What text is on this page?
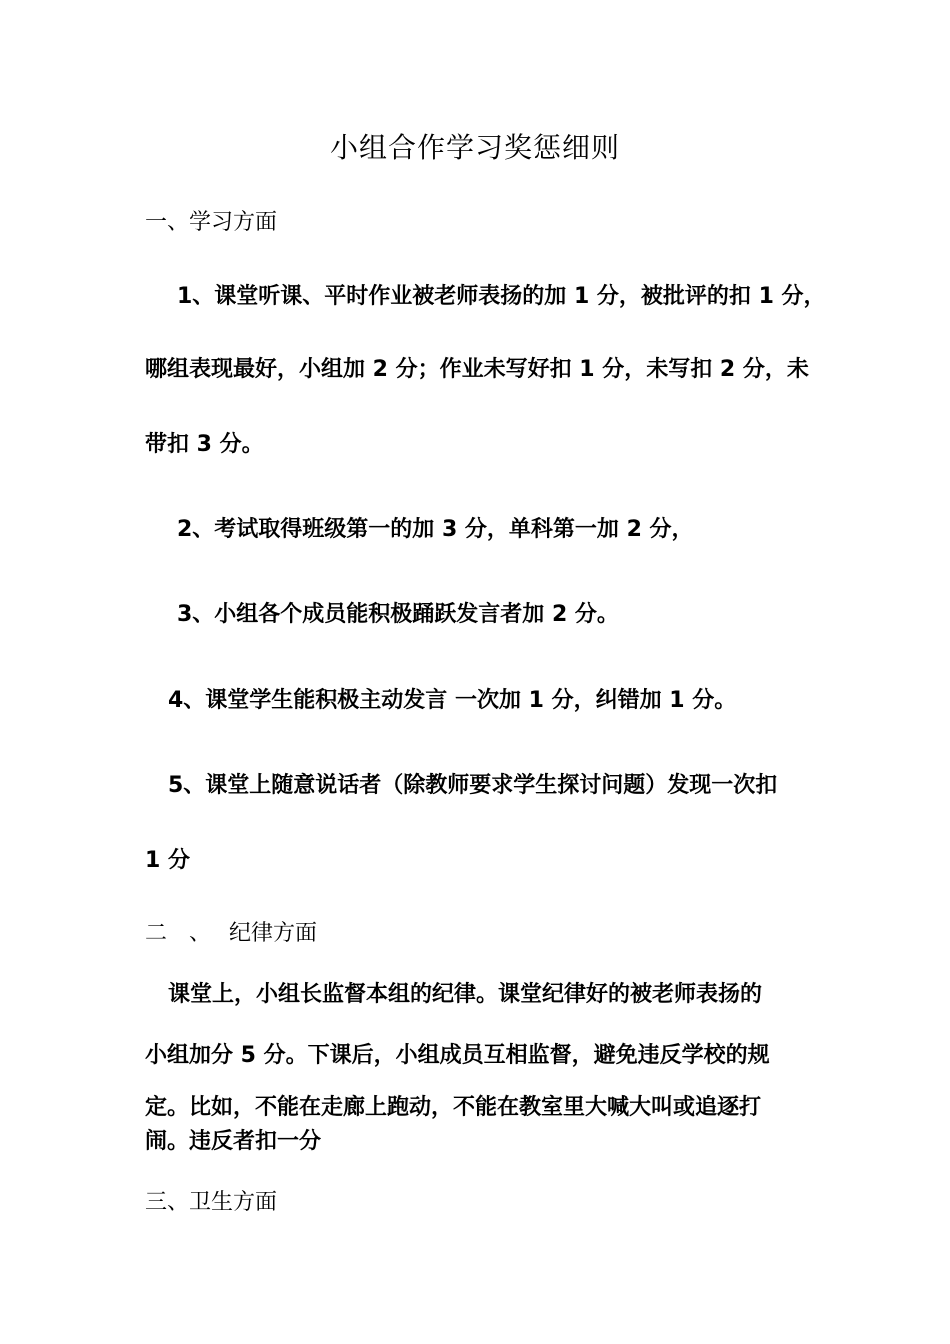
小组合作学习奖惩细则
一、学习方面
1、课堂听课、平时作业被老师表扬的加 1 分，被批评的扣 1 分，
哪组表现最好，小组加 2 分；作业未写好扣 1 分，未写扣 2 分，未
带扣 3 分。
2、考试取得班级第一的加 3 分，单科第一加 2 分，
3、小组各个成员能积极踊跃发言者加 2 分。
4、课堂学生能积极主动发言 一次加 1 分，纠错加 1 分。
5、课堂上随意说话者（除教师要求学生探讨问题）发现一次扣
1 分
二　、　 纪律方面
课堂上，小组长监督本组的纪律。课堂纪律好的被老师表扬的
小组加分 5 分。下课后，小组成员互相监督，避免违反学校的规
定。比如，不能在走廊上跑动，不能在教室里大喊大叫或追逐打
闹。违反者扣一分
三、卫生方面
